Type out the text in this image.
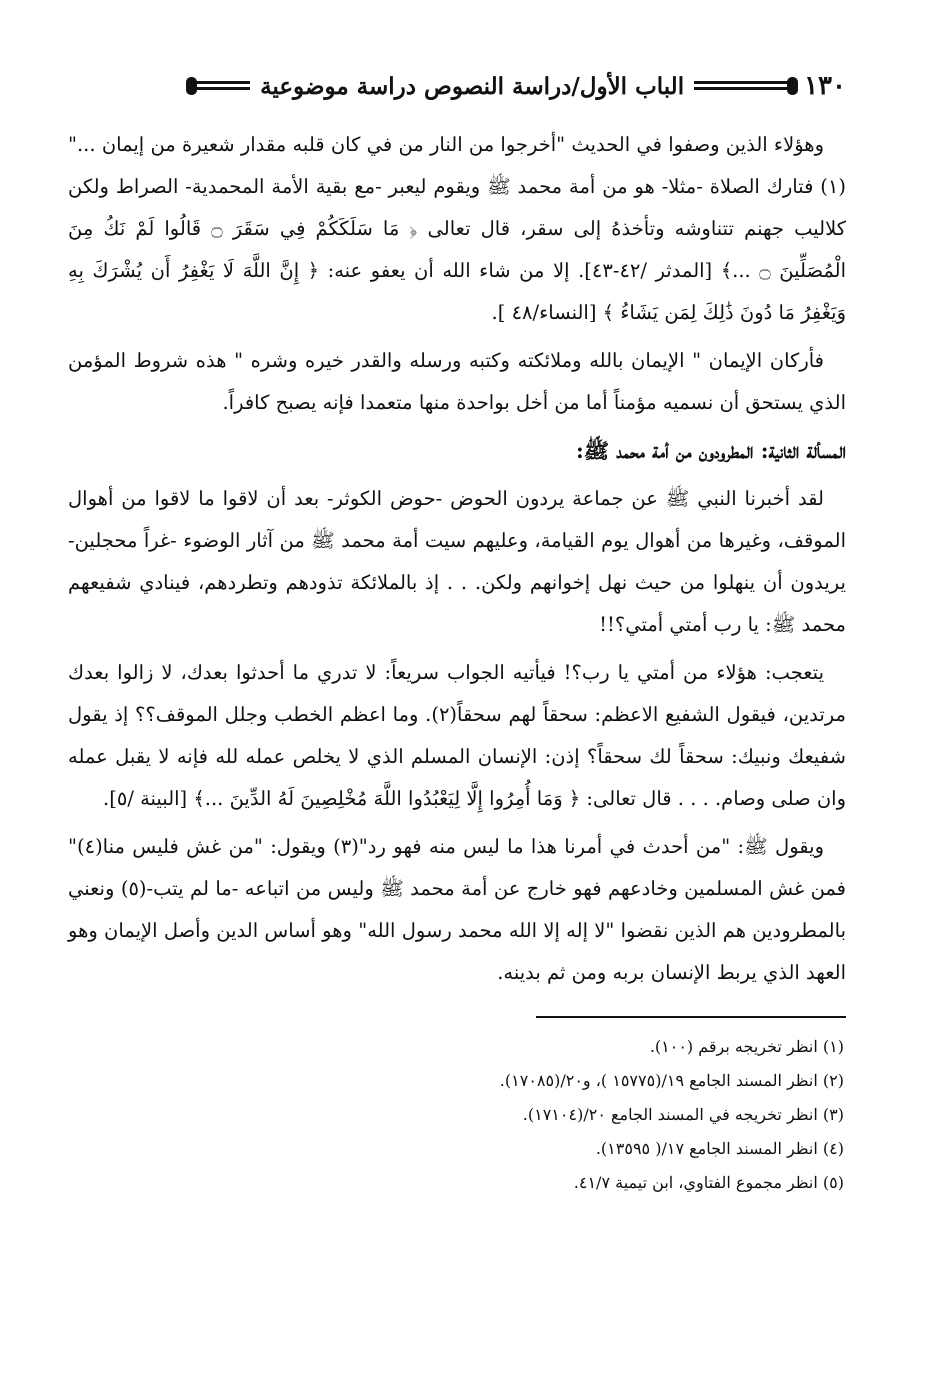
١٣٠
الباب الأول/دراسة النصوص دراسة موضوعية

وهؤلاء الذين وصفوا في الحديث "أخرجوا من النار من في كان قلبه مقدار شعيرة من إيمان ..."(١) فتارك الصلاة -مثلا- هو من أمة محمد ﷺ ويقوم ليعبر -مع بقية الأمة المحمدية- الصراط ولكن كلاليب جهنم تتناوشه وتأخذهُ إلى سقر، قال تعالى ﴿ مَا سَلَكَكُمْ فِي سَقَرَ ۝ قَالُوا لَمْ نَكُ مِنَ الْمُصَلِّينَ ۝ ...﴾ [المدثر /٤٢-٤٣]. إلا من شاء الله أن يعفو عنه: ﴿ إِنَّ اللَّهَ لَا يَغْفِرُ أَن يُشْرَكَ بِهِ وَيَغْفِرُ مَا دُونَ ذَٰلِكَ لِمَن يَشَاءُ ﴾ [النساء/٤٨ ].

فأركان الإيمان " الإيمان بالله وملائكته وكتبه ورسله والقدر خيره وشره " هذه شروط المؤمن الذي يستحق أن نسميه مؤمناً أما من أخل بواحدة منها متعمدا فإنه يصبح كافراً.

المسألة الثانية: المطرودون من أمة محمد ﷺ:

لقد أخبرنا النبي ﷺ عن جماعة يردون الحوض -حوض الكوثر- بعد أن لاقوا ما لاقوا من أهوال الموقف، وغيرها من أهوال يوم القيامة، وعليهم سيت أمة محمد ﷺ من آثار الوضوء -غراً محجلين- يريدون أن ينهلوا من حيث نهل إخوانهم ولكن. . . إذ بالملائكة تذودهم وتطردهم، فينادي شفيعهم محمد ﷺ: يا رب أمتي أمتي؟!!

يتعجب: هؤلاء من أمتي يا رب؟! فيأتيه الجواب سريعاً: لا تدري ما أحدثوا بعدك، لا زالوا بعدك مرتدين، فيقول الشفيع الاعظم: سحقاً لهم سحقاً(٢). وما اعظم الخطب وجلل الموقف؟؟ إذ يقول شفيعك ونبيك: سحقاً لك سحقاً؟ إذن: الإنسان المسلم الذي لا يخلص عمله لله فإنه لا يقبل عمله وان صلى وصام. . . . قال تعالى: ﴿ وَمَا أُمِرُوا إِلَّا لِيَعْبُدُوا اللَّهَ مُخْلِصِينَ لَهُ الدِّينَ ...﴾ [البينة /٥].

ويقول ﷺ: "من أحدث في أمرنا هذا ما ليس منه فهو رد"(٣) ويقول: "من غش فليس منا(٤)" فمن غش المسلمين وخادعهم فهو خارج عن أمة محمد ﷺ وليس من اتباعه -ما لم يتب-(٥) ونعني بالمطرودين هم الذين نقضوا "لا إله إلا الله محمد رسول الله" وهو أساس الدين وأصل الإيمان وهو العهد الذي يربط الإنسان بربه ومن ثم بدينه.

(١) انظر تخريجه برقم (١٠٠).
(٢) انظر المسند الجامع ١٩/(١٥٧٧٥ )، و٢٠/(١٧٠٨٥).
(٣) انظر تخريجه في المسند الجامع ٢٠/(١٧١٠٤).
(٤) انظر المسند الجامع ١٧/( ١٣٥٩٥).
(٥) انظر مجموع الفتاوي، ابن تيمية ٤١/٧.
